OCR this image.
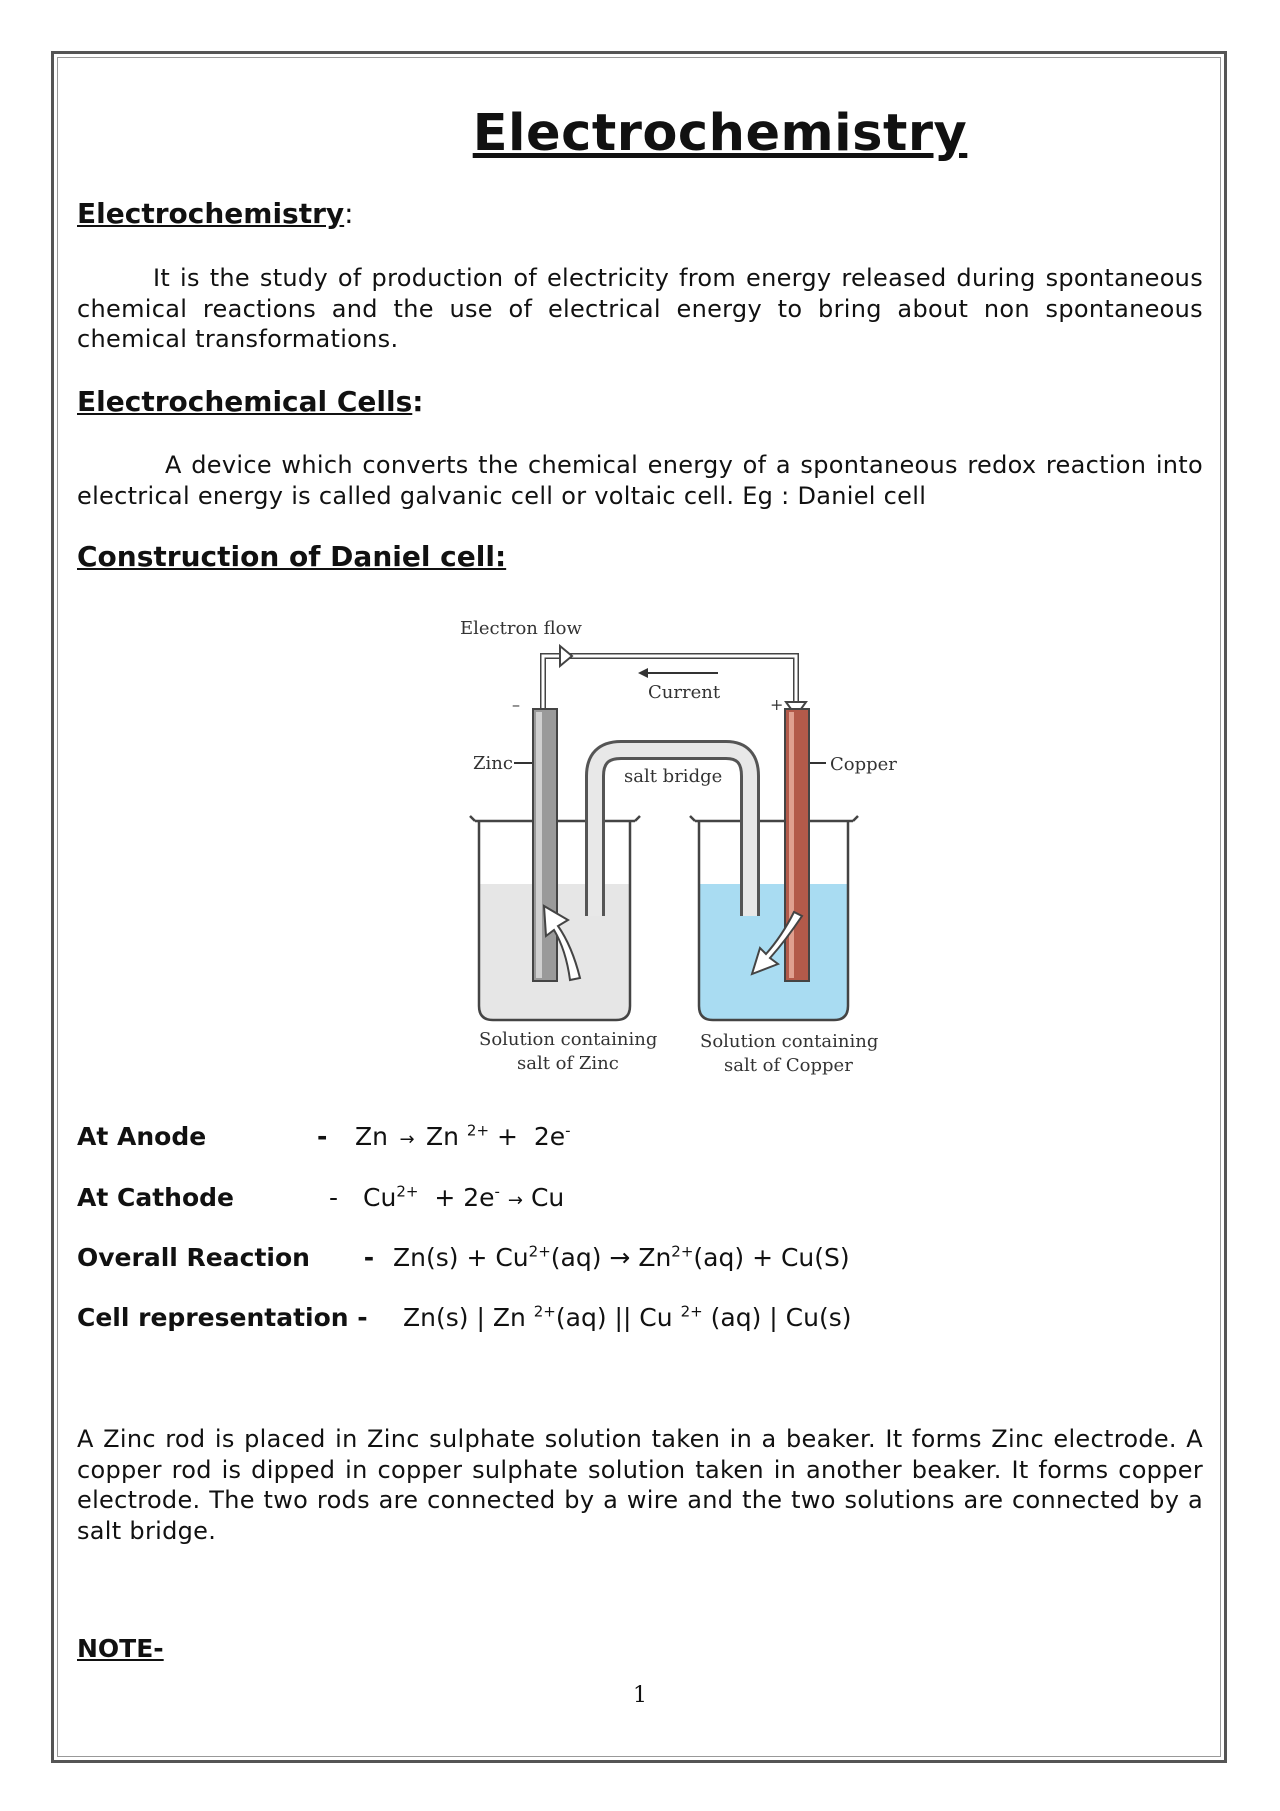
Electrochemistry
Electrochemistry:
It is the study of production of electricity from energy released during spontaneous chemical reactions and the use of electrical energy to bring about non spontaneous chemical transformations.
Electrochemical Cells:
A device which converts the chemical energy of a spontaneous redox reaction into electrical energy is called galvanic cell or voltaic cell. Eg : Daniel cell
Construction of Daniel cell:
Electron flow
Current
–	+
Zinc	Copper
salt bridge
Solution containing
salt of Zinc
Solution containing
salt of Copper
At Anode	- Zn → Zn $^{2+}$ + 2e-
At Cathode	- $Cu^{2+} + 2e^- \to Cu$
Overall Reaction - $Zn(s) + Cu^{2+}(aq) \to Zn^{2+}(aq) + Cu(S)$
Cell representation - Zn(s) | Zn $^{2+}$(aq) || Cu $^{2+}$ (aq) | Cu(s)
A Zinc rod is placed in Zinc sulphate solution taken in a beaker. It forms Zinc electrode. A copper rod is dipped in copper sulphate solution taken in another beaker. It forms copper electrode. The two rods are connected by a wire and the two solutions are connected by a salt bridge.
NOTE-
1
